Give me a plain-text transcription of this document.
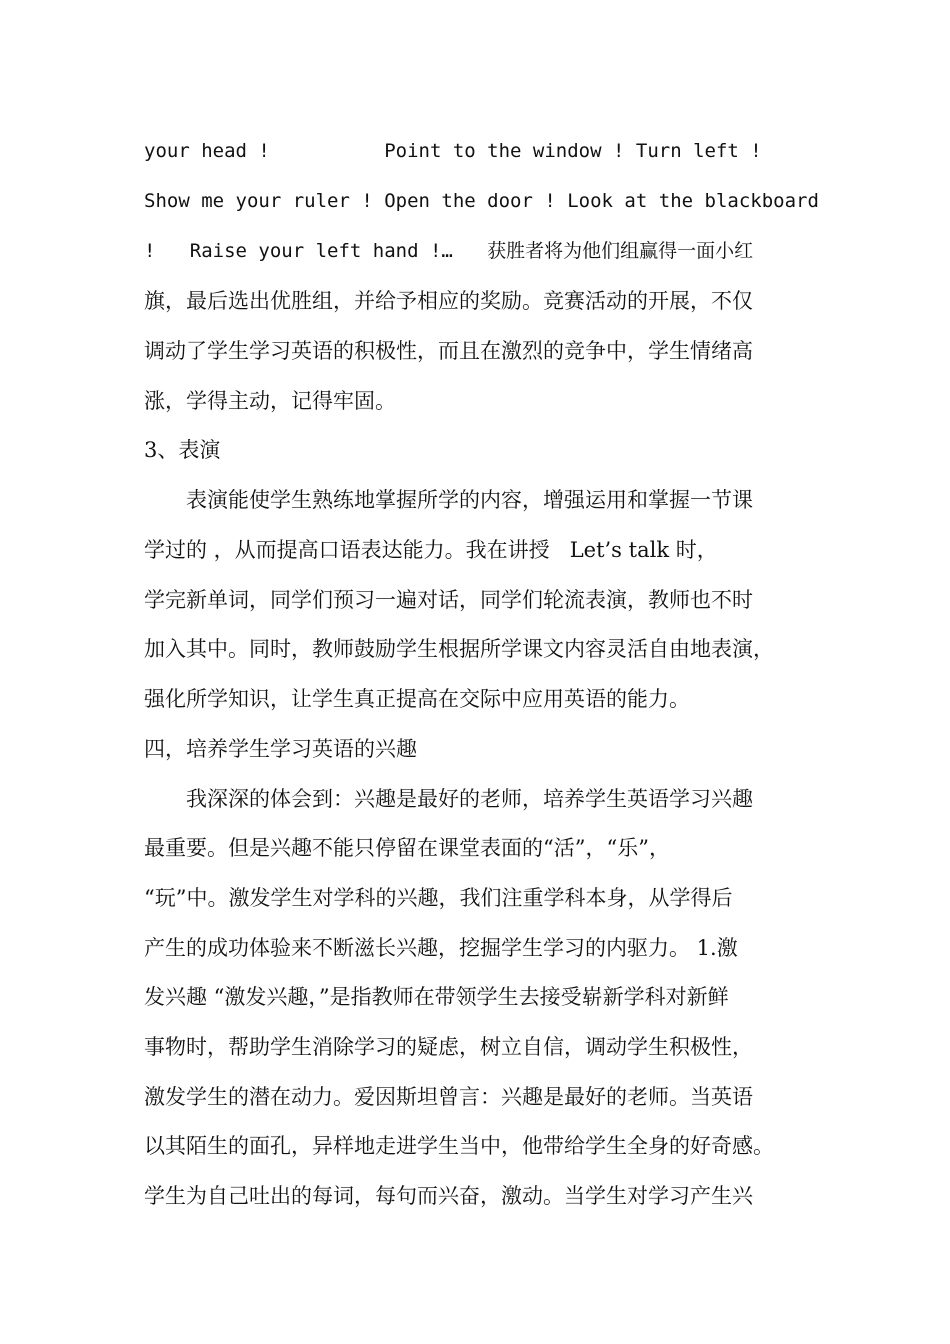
your head !          Point to the window ! Turn left !
Show me your ruler ! Open the door ! Look at the blackboard
!   Raise your left hand !…   获胜者将为他们组赢得一面小红
旗，最后选出优胜组，并给予相应的奖励。竞赛活动的开展，不仅
调动了学生学习英语的积极性，而且在激烈的竞争中，学生情绪高
涨，学得主动，记得牢固。
3、表演
表演能使学生熟练地掌握所学的内容，增强运用和掌握一节课
学过的 ，从而提高口语表达能力。我在讲授   Let’s talk 时，
学完新单词，同学们预习一遍对话，同学们轮流表演，教师也不时
加入其中。同时，教师鼓励学生根据所学课文内容灵活自由地表演，
强化所学知识，让学生真正提高在交际中应用英语的能力。
四，培养学生学习英语的兴趣
我深深的体会到：兴趣是最好的老师，培养学生英语学习兴趣
最重要。但是兴趣不能只停留在课堂表面的“活”，“乐”，
“玩”中。激发学生对学科的兴趣，我们注重学科本身，从学得后
产生的成功体验来不断滋长兴趣，挖掘学生学习的内驱力。 1.激
发兴趣 “激发兴趣，”是指教师在带领学生去接受崭新学科对新鲜
事物时，帮助学生消除学习的疑虑，树立自信，调动学生积极性，
激发学生的潜在动力。爱因斯坦曾言：兴趣是最好的老师。当英语
以其陌生的面孔，异样地走进学生当中，他带给学生全身的好奇感。
学生为自己吐出的每词，每句而兴奋，激动。当学生对学习产生兴
